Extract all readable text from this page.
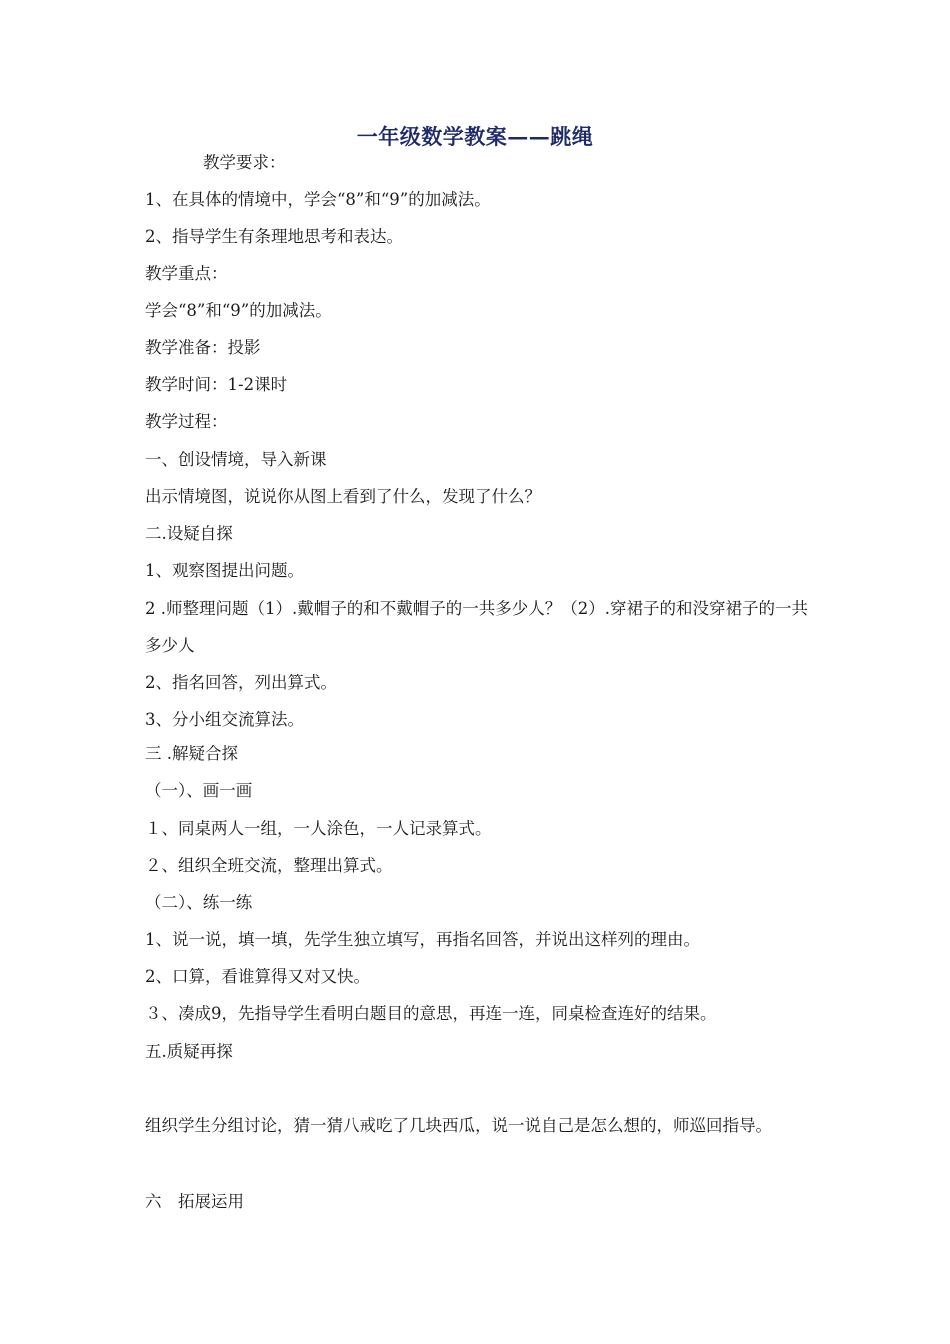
一年级数学教案——跳绳
教学要求：
1、在具体的情境中，学会“8”和“9”的加减法。
2、指导学生有条理地思考和表达。
教学重点：
学会“8”和“9”的加减法。
教学准备：投影
教学时间：1-2课时
教学过程：
一、创设情境，导入新课
出示情境图，说说你从图上看到了什么，发现了什么？
二.设疑自探
1、观察图提出问题。
2 .师整理问题（1）.戴帽子的和不戴帽子的一共多少人？（2）.穿裙子的和没穿裙子的一共多少人
2、指名回答，列出算式。
3、分小组交流算法。
三 .解疑合探
（一）、画一画
１、同桌两人一组，一人涂色，一人记录算式。
２、组织全班交流，整理出算式。
（二）、练一练
1、说一说，填一填，先学生独立填写，再指名回答，并说出这样列的理由。
2、口算，看谁算得又对又快。
３、凑成9，先指导学生看明白题目的意思，再连一连，同桌检查连好的结果。
五.质疑再探
组织学生分组讨论，猜一猜八戒吃了几块西瓜，说一说自己是怎么想的，师巡回指导。
六　拓展运用
